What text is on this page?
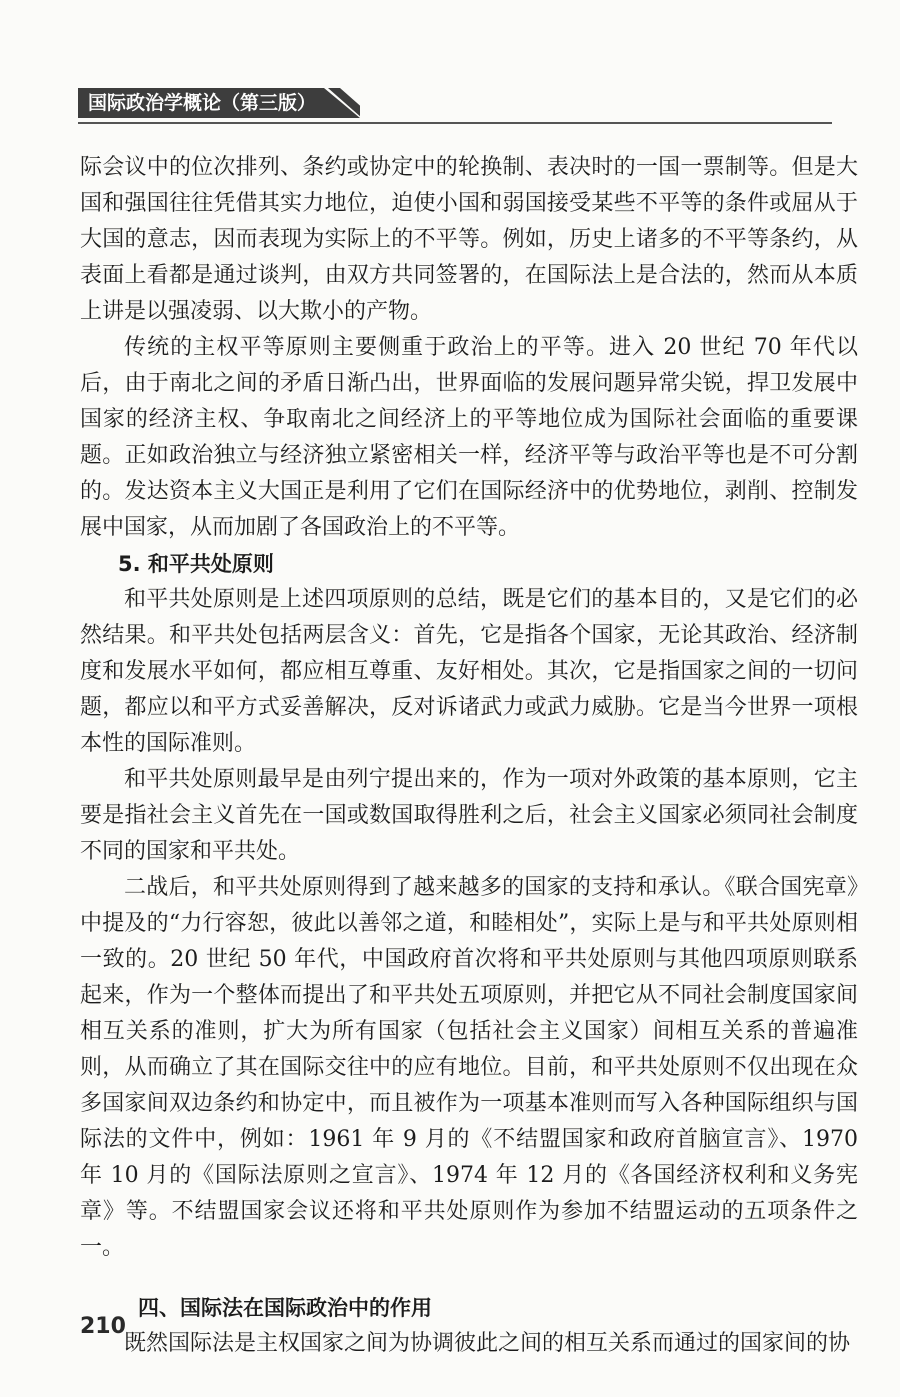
国际政治学概论（第三版）

际会议中的位次排列、条约或协定中的轮换制、表决时的一国一票制等。但是大国和强国往往凭借其实力地位，迫使小国和弱国接受某些不平等的条件或屈从于大国的意志，因而表现为实际上的不平等。例如，历史上诸多的不平等条约，从表面上看都是通过谈判，由双方共同签署的，在国际法上是合法的，然而从本质上讲是以强凌弱、以大欺小的产物。

传统的主权平等原则主要侧重于政治上的平等。进入 20 世纪 70 年代以后，由于南北之间的矛盾日渐凸出，世界面临的发展问题异常尖锐，捍卫发展中国家的经济主权、争取南北之间经济上的平等地位成为国际社会面临的重要课题。正如政治独立与经济独立紧密相关一样，经济平等与政治平等也是不可分割的。发达资本主义大国正是利用了它们在国际经济中的优势地位，剥削、控制发展中国家，从而加剧了各国政治上的不平等。

5. 和平共处原则

和平共处原则是上述四项原则的总结，既是它们的基本目的，又是它们的必然结果。和平共处包括两层含义：首先，它是指各个国家，无论其政治、经济制度和发展水平如何，都应相互尊重、友好相处。其次，它是指国家之间的一切问题，都应以和平方式妥善解决，反对诉诸武力或武力威胁。它是当今世界一项根本性的国际准则。

和平共处原则最早是由列宁提出来的，作为一项对外政策的基本原则，它主要是指社会主义首先在一国或数国取得胜利之后，社会主义国家必须同社会制度不同的国家和平共处。

二战后，和平共处原则得到了越来越多的国家的支持和承认。《联合国宪章》中提及的“力行容恕，彼此以善邻之道，和睦相处”，实际上是与和平共处原则相一致的。20 世纪 50 年代，中国政府首次将和平共处原则与其他四项原则联系起来，作为一个整体而提出了和平共处五项原则，并把它从不同社会制度国家间相互关系的准则，扩大为所有国家（包括社会主义国家）间相互关系的普遍准则，从而确立了其在国际交往中的应有地位。目前，和平共处原则不仅出现在众多国家间双边条约和协定中，而且被作为一项基本准则而写入各种国际组织与国际法的文件中，例如：1961 年 9 月的《不结盟国家和政府首脑宣言》、1970 年 10 月的《国际法原则之宣言》、1974 年 12 月的《各国经济权利和义务宪章》等。不结盟国家会议还将和平共处原则作为参加不结盟运动的五项条件之一。

四、国际法在国际政治中的作用

既然国际法是主权国家之间为协调彼此之间的相互关系而通过的国家间的协

210
